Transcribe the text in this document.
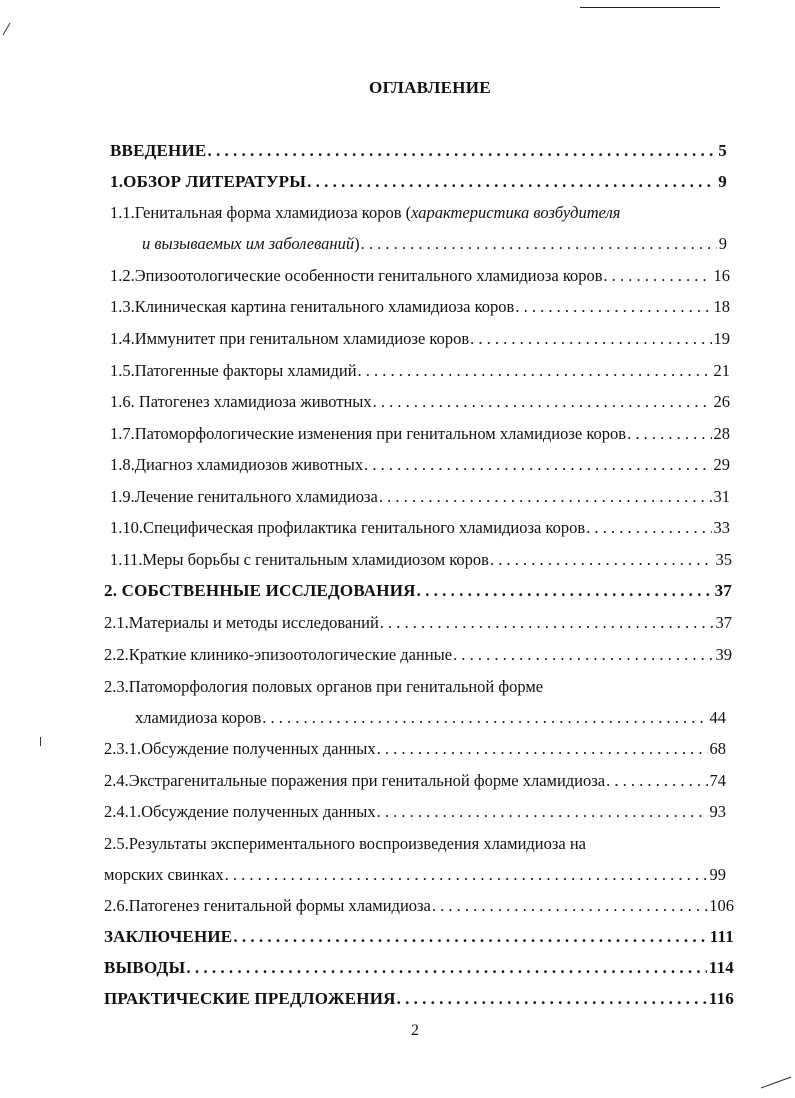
ОГЛАВЛЕНИЕ
ВВЕДЕНИЕ . . .	5
1.ОБЗОР ЛИТЕРАТУРЫ . . .	9
1.1.Генитальная форма хламидиоза коров (характеристика возбудителя
и вызываемых им заболеваний) . . .	9
1.2.Эпизоотологические особенности генитального хламидиоза коров . . .	16
1.3.Клиническая картина генитального хламидиоза коров . . .	18
1.4.Иммунитет при генитальном хламидиозе коров . . .	19
1.5.Патогенные факторы хламидий . . .	21
1.6. Патогенез хламидиоза животных . . .	26
1.7.Патоморфологические изменения при генитальном хламидиозе коров . . .	28
1.8.Диагноз хламидиозов животных . . .	29
1.9.Лечение генитального хламидиоза . . .	31
1.10.Специфическая профилактика генитального хламидиоза коров . . .	33
1.11.Меры борьбы с генитальным хламидиозом коров . . .	35
2. СОБСТВЕННЫЕ ИССЛЕДОВАНИЯ . . .	37
2.1.Материалы и методы исследований . . .	37
2.2.Краткие клинико-эпизоотологические данные . . .	39
2.3.Патоморфология половых органов при генитальной форме
хламидиоза коров . . .	44
2.3.1.Обсуждение полученных данных . . .	68
2.4.Экстрагенитальные поражения при генитальной форме хламидиоза . . .	74
2.4.1.Обсуждение полученных данных . . .	93
2.5.Результаты экспериментального воспроизведения хламидиоза на
морских свинках . . .	99
2.6.Патогенез генитальной формы хламидиоза . . .	106
ЗАКЛЮЧЕНИЕ . . .	111
ВЫВОДЫ . . .	114
ПРАКТИЧЕСКИЕ ПРЕДЛОЖЕНИЯ . . .	116
2
